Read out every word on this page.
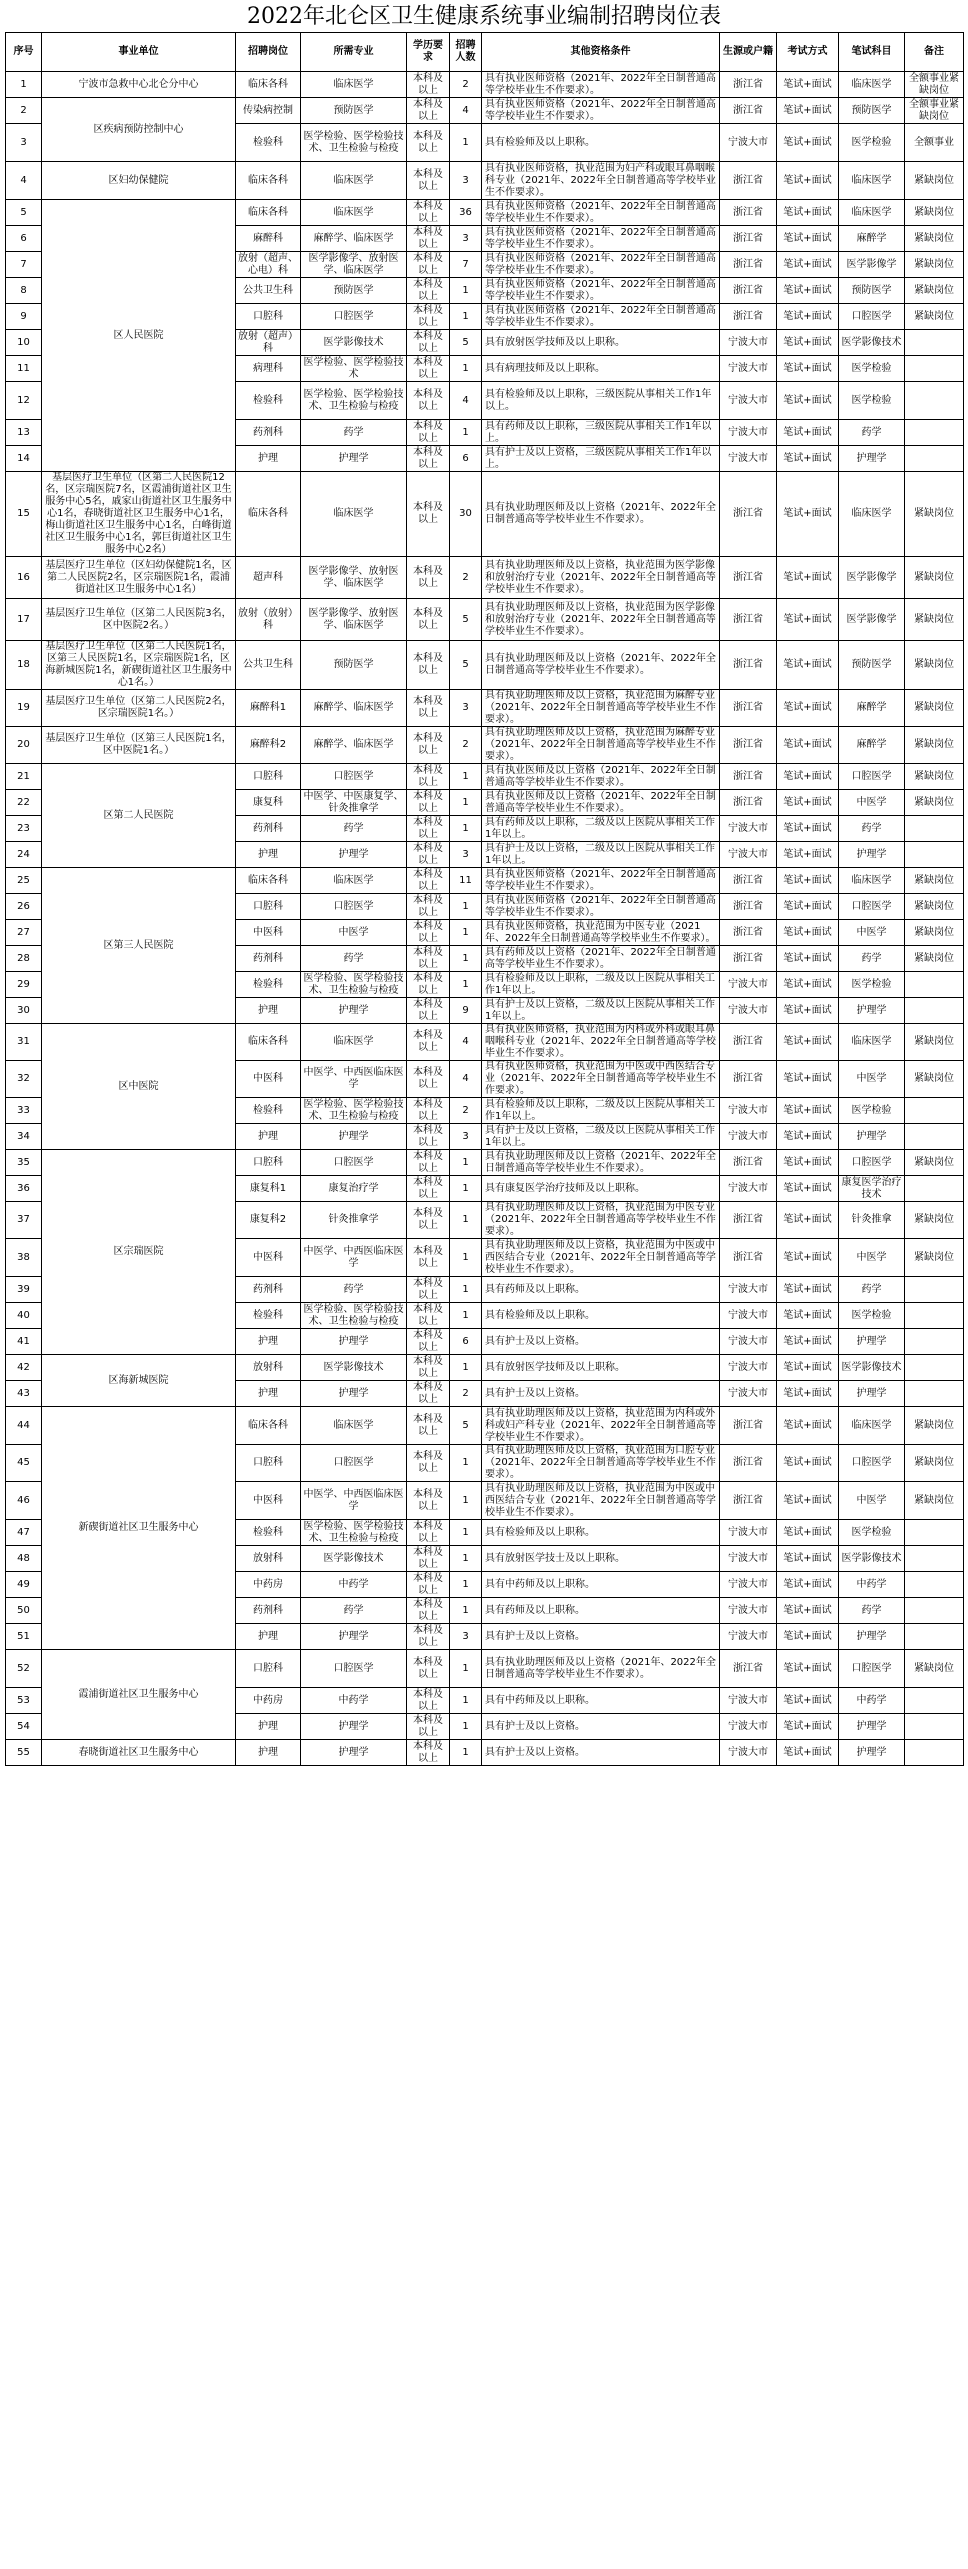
2022年北仑区卫生健康系统事业编制招聘岗位表
序号	事业单位	招聘岗位	所需专业	学历要求	招聘人数	其他资格条件	生源或户籍	考试方式	笔试科目	备注
1	宁波市急救中心北仑分中心	临床各科	临床医学	本科及以上	2	具有执业医师资格（2021年、2022年全日制普通高等学校毕业生不作要求）。	浙江省	笔试+面试	临床医学	全额事业紧缺岗位
2	区疾病预防控制中心	传染病控制	预防医学	本科及以上	4	具有执业医师资格（2021年、2022年全日制普通高等学校毕业生不作要求）。	浙江省	笔试+面试	预防医学	全额事业紧缺岗位
3		检验科	医学检验、医学检验技术、卫生检验与检疫	本科及以上	1	具有检验师及以上职称。	宁波大市	笔试+面试	医学检验	全额事业
4	区妇幼保健院	临床各科	临床医学	本科及以上	3	具有执业医师资格，执业范围为妇产科或眼耳鼻咽喉科专业（2021年、2022年全日制普通高等学校毕业生不作要求）。	浙江省	笔试+面试	临床医学	紧缺岗位
5	区人民医院	临床各科	临床医学	本科及以上	36	具有执业医师资格（2021年、2022年全日制普通高等学校毕业生不作要求）。	浙江省	笔试+面试	临床医学	紧缺岗位
6		麻醉科	麻醉学、临床医学	本科及以上	3	具有执业医师资格（2021年、2022年全日制普通高等学校毕业生不作要求）。	浙江省	笔试+面试	麻醉学	紧缺岗位
7		放射（超声、心电）科	医学影像学、放射医学、临床医学	本科及以上	7	具有执业医师资格（2021年、2022年全日制普通高等学校毕业生不作要求）。	浙江省	笔试+面试	医学影像学	紧缺岗位
8		公共卫生科	预防医学	本科及以上	1	具有执业医师资格（2021年、2022年全日制普通高等学校毕业生不作要求）。	浙江省	笔试+面试	预防医学	紧缺岗位
9		口腔科	口腔医学	本科及以上	1	具有执业医师资格（2021年、2022年全日制普通高等学校毕业生不作要求）。	浙江省	笔试+面试	口腔医学	紧缺岗位
10		放射（超声）科	医学影像技术	本科及以上	5	具有放射医学技师及以上职称。	宁波大市	笔试+面试	医学影像技术	
11		病理科	医学检验、医学检验技术	本科及以上	1	具有病理技师及以上职称。	宁波大市	笔试+面试	医学检验	
12		检验科	医学检验、医学检验技术、卫生检验与检疫	本科及以上	4	具有检验师及以上职称，三级医院从事相关工作1年以上。	宁波大市	笔试+面试	医学检验	
13		药剂科	药学	本科及以上	1	具有药师及以上职称，三级医院从事相关工作1年以上。	宁波大市	笔试+面试	药学	
14		护理	护理学	本科及以上	6	具有护士及以上资格，三级医院从事相关工作1年以上。	宁波大市	笔试+面试	护理学	
15	基层医疗卫生单位（区第二人民医院12名，区宗瑞医院7名，区霞浦街道社区卫生服务中心5名，戚家山街道社区卫生服务中心1名，春晓街道社区卫生服务中心1名，梅山街道社区卫生服务中心1名，白峰街道社区卫生服务中心1名，郭巨街道社区卫生服务中心2名）	临床各科	临床医学	本科及以上	30	具有执业助理医师及以上资格（2021年、2022年全日制普通高等学校毕业生不作要求）。	浙江省	笔试+面试	临床医学	紧缺岗位
16	基层医疗卫生单位（区妇幼保健院1名，区第二人民医院2名，区宗瑞医院1名，霞浦街道社区卫生服务中心1名）	超声科	医学影像学、放射医学、临床医学	本科及以上	2	具有执业助理医师及以上资格，执业范围为医学影像和放射治疗专业（2021年、2022年全日制普通高等学校毕业生不作要求）。	浙江省	笔试+面试	医学影像学	紧缺岗位
17	基层医疗卫生单位（区第二人民医院3名，区中医院2名。）	放射（放射）科	医学影像学、放射医学、临床医学	本科及以上	5	具有执业助理医师及以上资格，执业范围为医学影像和放射治疗专业（2021年、2022年全日制普通高等学校毕业生不作要求）。	浙江省	笔试+面试	医学影像学	紧缺岗位
18	基层医疗卫生单位（区第二人民医院1名，区第三人民医院1名，区宗瑞医院1名，区海新城医院1名，新碶街道社区卫生服务中心1名。）	公共卫生科	预防医学	本科及以上	5	具有执业助理医师及以上资格（2021年、2022年全日制普通高等学校毕业生不作要求）。	浙江省	笔试+面试	预防医学	紧缺岗位
19	基层医疗卫生单位（区第二人民医院2名，区宗瑞医院1名。）	麻醉科1	麻醉学、临床医学	本科及以上	3	具有执业助理医师及以上资格，执业范围为麻醉专业（2021年、2022年全日制普通高等学校毕业生不作要求）。	浙江省	笔试+面试	麻醉学	紧缺岗位
20	基层医疗卫生单位（区第三人民医院1名，区中医院1名。）	麻醉科2	麻醉学、临床医学	本科及以上	2	具有执业助理医师及以上资格，执业范围为麻醉专业（2021年、2022年全日制普通高等学校毕业生不作要求）。	浙江省	笔试+面试	麻醉学	紧缺岗位
21	区第二人民医院	口腔科	口腔医学	本科及以上	1	具有执业医师及以上资格（2021年、2022年全日制普通高等学校毕业生不作要求）。	浙江省	笔试+面试	口腔医学	紧缺岗位
22		康复科	中医学、中医康复学、针灸推拿学	本科及以上	1	具有执业医师及以上资格（2021年、2022年全日制普通高等学校毕业生不作要求）。	浙江省	笔试+面试	中医学	紧缺岗位
23		药剂科	药学	本科及以上	1	具有药师及以上职称，二级及以上医院从事相关工作1年以上。	宁波大市	笔试+面试	药学	
24		护理	护理学	本科及以上	3	具有护士及以上资格，二级及以上医院从事相关工作1年以上。	宁波大市	笔试+面试	护理学	
25	区第三人民医院	临床各科	临床医学	本科及以上	11	具有执业医师资格（2021年、2022年全日制普通高等学校毕业生不作要求）。	浙江省	笔试+面试	临床医学	紧缺岗位
26		口腔科	口腔医学	本科及以上	1	具有执业医师资格（2021年、2022年全日制普通高等学校毕业生不作要求）。	浙江省	笔试+面试	口腔医学	紧缺岗位
27		中医科	中医学	本科及以上	1	具有执业医师资格，执业范围为中医专业（2021年、2022年全日制普通高等学校毕业生不作要求）。	浙江省	笔试+面试	中医学	紧缺岗位
28		药剂科	药学	本科及以上	1	具有药师及以上资格（2021年、2022年全日制普通高等学校毕业生不作要求）。	浙江省	笔试+面试	药学	紧缺岗位
29		检验科	医学检验、医学检验技术、卫生检验与检疫	本科及以上	1	具有检验师及以上职称，二级及以上医院从事相关工作1年以上。	宁波大市	笔试+面试	医学检验	
30		护理	护理学	本科及以上	9	具有护士及以上资格，二级及以上医院从事相关工作1年以上。	宁波大市	笔试+面试	护理学	
31	区中医院	临床各科	临床医学	本科及以上	4	具有执业医师资格，执业范围为内科或外科或眼耳鼻咽喉科专业（2021年、2022年全日制普通高等学校毕业生不作要求）。	浙江省	笔试+面试	临床医学	紧缺岗位
32		中医科	中医学、中西医临床医学	本科及以上	4	具有执业医师资格，执业范围为中医或中西医结合专业（2021年、2022年全日制普通高等学校毕业生不作要求）。	浙江省	笔试+面试	中医学	紧缺岗位
33		检验科	医学检验、医学检验技术、卫生检验与检疫	本科及以上	2	具有检验师及以上职称，二级及以上医院从事相关工作1年以上。	宁波大市	笔试+面试	医学检验	
34		护理	护理学	本科及以上	3	具有护士及以上资格，二级及以上医院从事相关工作1年以上。	宁波大市	笔试+面试	护理学	
35	区宗瑞医院	口腔科	口腔医学	本科及以上	1	具有执业助理医师及以上资格（2021年、2022年全日制普通高等学校毕业生不作要求）。	浙江省	笔试+面试	口腔医学	紧缺岗位
36		康复科1	康复治疗学	本科及以上	1	具有康复医学治疗技师及以上职称。	宁波大市	笔试+面试	康复医学治疗技术	
37		康复科2	针灸推拿学	本科及以上	1	具有执业助理医师及以上资格，执业范围为中医专业（2021年、2022年全日制普通高等学校毕业生不作要求）。	浙江省	笔试+面试	针灸推拿	紧缺岗位
38		中医科	中医学、中西医临床医学	本科及以上	1	具有执业助理医师及以上资格，执业范围为中医或中西医结合专业（2021年、2022年全日制普通高等学校毕业生不作要求）。	浙江省	笔试+面试	中医学	紧缺岗位
39		药剂科	药学	本科及以上	1	具有药师及以上职称。	宁波大市	笔试+面试	药学	
40		检验科	医学检验、医学检验技术、卫生检验与检疫	本科及以上	1	具有检验师及以上职称。	宁波大市	笔试+面试	医学检验	
41		护理	护理学	本科及以上	6	具有护士及以上资格。	宁波大市	笔试+面试	护理学	
42	区海新城医院	放射科	医学影像技术	本科及以上	1	具有放射医学技师及以上职称。	宁波大市	笔试+面试	医学影像技术	
43		护理	护理学	本科及以上	2	具有护士及以上资格。	宁波大市	笔试+面试	护理学	
44	新碶街道社区卫生服务中心	临床各科	临床医学	本科及以上	5	具有执业助理医师及以上资格，执业范围为内科或外科或妇产科专业（2021年、2022年全日制普通高等学校毕业生不作要求）。	浙江省	笔试+面试	临床医学	紧缺岗位
45		口腔科	口腔医学	本科及以上	1	具有执业助理医师及以上资格，执业范围为口腔专业（2021年、2022年全日制普通高等学校毕业生不作要求）。	浙江省	笔试+面试	口腔医学	紧缺岗位
46		中医科	中医学、中西医临床医学	本科及以上	1	具有执业助理医师及以上资格，执业范围为中医或中西医结合专业（2021年、2022年全日制普通高等学校毕业生不作要求）。	浙江省	笔试+面试	中医学	紧缺岗位
47		检验科	医学检验、医学检验技术、卫生检验与检疫	本科及以上	1	具有检验师及以上职称。	宁波大市	笔试+面试	医学检验	
48		放射科	医学影像技术	本科及以上	1	具有放射医学技士及以上职称。	宁波大市	笔试+面试	医学影像技术	
49		中药房	中药学	本科及以上	1	具有中药师及以上职称。	宁波大市	笔试+面试	中药学	
50		药剂科	药学	本科及以上	1	具有药师及以上职称。	宁波大市	笔试+面试	药学	
51		护理	护理学	本科及以上	3	具有护士及以上资格。	宁波大市	笔试+面试	护理学	
52	霞浦街道社区卫生服务中心	口腔科	口腔医学	本科及以上	1	具有执业助理医师及以上资格（2021年、2022年全日制普通高等学校毕业生不作要求）。	浙江省	笔试+面试	口腔医学	紧缺岗位
53		中药房	中药学	本科及以上	1	具有中药师及以上职称。	宁波大市	笔试+面试	中药学	
54		护理	护理学	本科及以上	1	具有护士及以上资格。	宁波大市	笔试+面试	护理学	
55	春晓街道社区卫生服务中心	护理	护理学	本科及以上	1	具有护士及以上资格。	宁波大市	笔试+面试	护理学	
